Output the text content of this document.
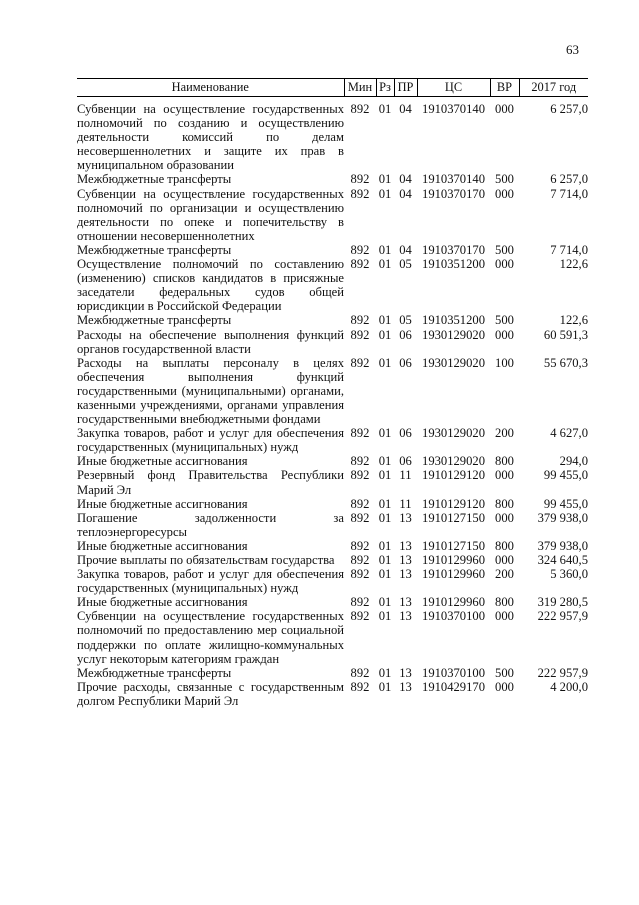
63
Наименование	Мин	Рз	ПР	ЦС	ВР	2017 год
Субвенции на осуществление государственных полномочий по созданию и осуществлению деятельности комиссий по делам несовершеннолетних и защите их прав в муниципальном образовании	892	01	04	1910370140	000	6 257,0
Межбюджетные трансферты	892	01	04	1910370140	500	6 257,0
Субвенции на осуществление государственных полномочий по организации и осуществлению деятельности по опеке и попечительству в отношении несовершеннолетних	892	01	04	1910370170	000	7 714,0
Межбюджетные трансферты	892	01	04	1910370170	500	7 714,0
Осуществление полномочий по составлению (изменению) списков кандидатов в присяжные заседатели федеральных судов общей юрисдикции в Российской Федерации	892	01	05	1910351200	000	122,6
Межбюджетные трансферты	892	01	05	1910351200	500	122,6
Расходы на обеспечение выполнения функций органов государственной власти	892	01	06	1930129020	000	60 591,3
Расходы на выплаты персоналу в целях обеспечения выполнения функций государственными (муниципальными) органами, казенными учреждениями, органами управления государственными внебюджетными фондами	892	01	06	1930129020	100	55 670,3
Закупка товаров, работ и услуг для обеспечения государственных (муниципальных) нужд	892	01	06	1930129020	200	4 627,0
Иные бюджетные ассигнования	892	01	06	1930129020	800	294,0
Резервный фонд Правительства Республики Марий Эл	892	01	11	1910129120	000	99 455,0
Иные бюджетные ассигнования	892	01	11	1910129120	800	99 455,0
Погашение задолженности за теплоэнергоресурсы	892	01	13	1910127150	000	379 938,0
Иные бюджетные ассигнования	892	01	13	1910127150	800	379 938,0
Прочие выплаты по обязательствам государства	892	01	13	1910129960	000	324 640,5
Закупка товаров, работ и услуг для обеспечения государственных (муниципальных) нужд	892	01	13	1910129960	200	5 360,0
Иные бюджетные ассигнования	892	01	13	1910129960	800	319 280,5
Субвенции на осуществление государственных полномочий по предоставлению мер социальной поддержки по оплате жилищно-коммунальных услуг некоторым категориям граждан	892	01	13	1910370100	000	222 957,9
Межбюджетные трансферты	892	01	13	1910370100	500	222 957,9
Прочие расходы, связанные с государственным долгом Республики Марий Эл	892	01	13	1910429170	000	4 200,0
